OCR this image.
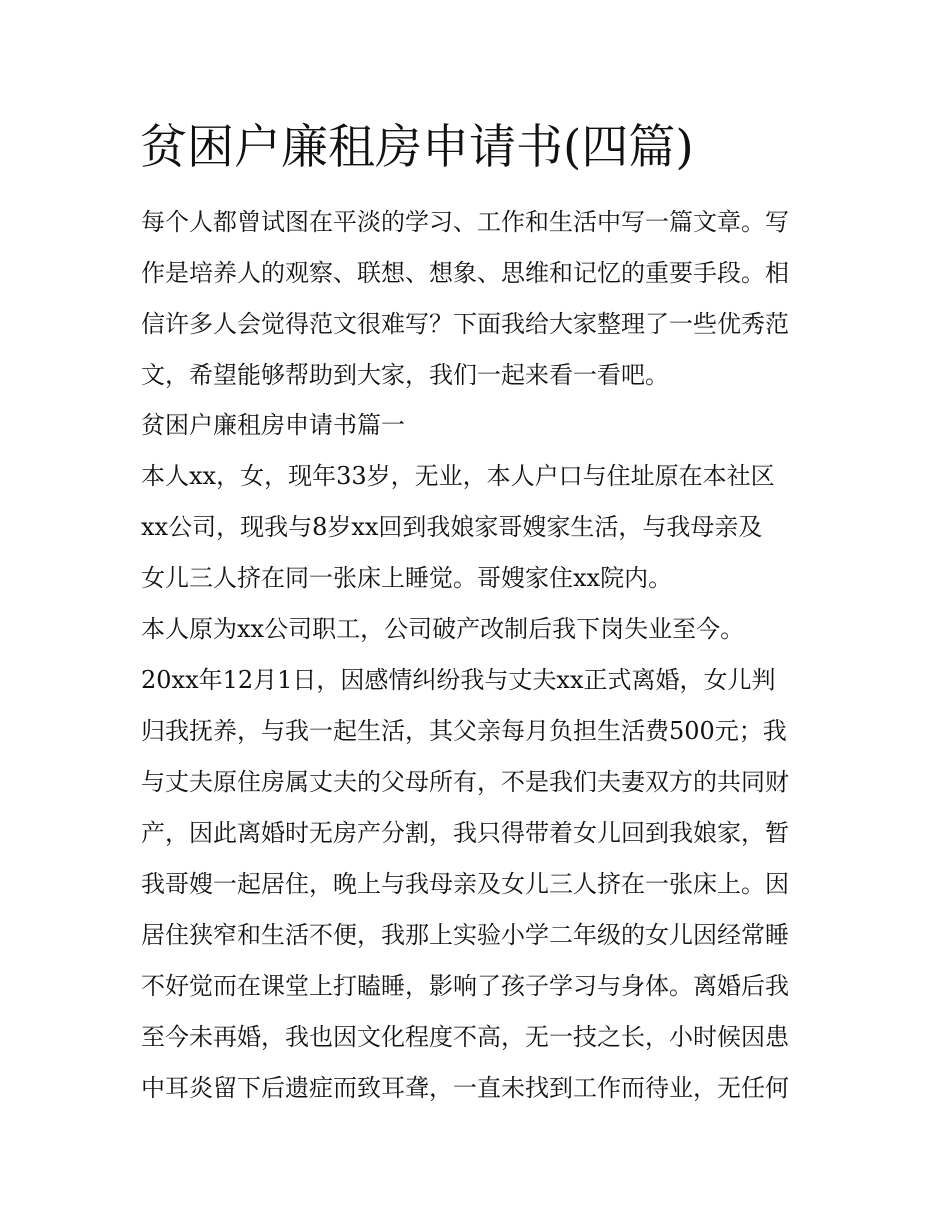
贫困户廉租房申请书(四篇)

每个人都曾试图在平淡的学习、工作和生活中写一篇文章。写

作是培养人的观察、联想、想象、思维和记忆的重要手段。相

信许多人会觉得范文很难写？下面我给大家整理了一些优秀范

文，希望能够帮助到大家，我们一起来看一看吧。

贫困户廉租房申请书篇一

本人xx，女，现年33岁，无业，本人户口与住址原在本社区

xx公司，现我与8岁xx回到我娘家哥嫂家生活，与我母亲及

女儿三人挤在同一张床上睡觉。哥嫂家住xx院内。

本人原为xx公司职工，公司破产改制后我下岗失业至今。

20xx年12月1日，因感情纠纷我与丈夫xx正式离婚，女儿判

归我抚养，与我一起生活，其父亲每月负担生活费500元；我

与丈夫原住房属丈夫的父母所有，不是我们夫妻双方的共同财

产，因此离婚时无房产分割，我只得带着女儿回到我娘家，暂

我哥嫂一起居住，晚上与我母亲及女儿三人挤在一张床上。因

居住狭窄和生活不便，我那上实验小学二年级的女儿因经常睡

不好觉而在课堂上打瞌睡，影响了孩子学习与身体。离婚后我

至今未再婚，我也因文化程度不高，无一技之长，小时候因患

中耳炎留下后遗症而致耳聋，一直未找到工作而待业，无任何
